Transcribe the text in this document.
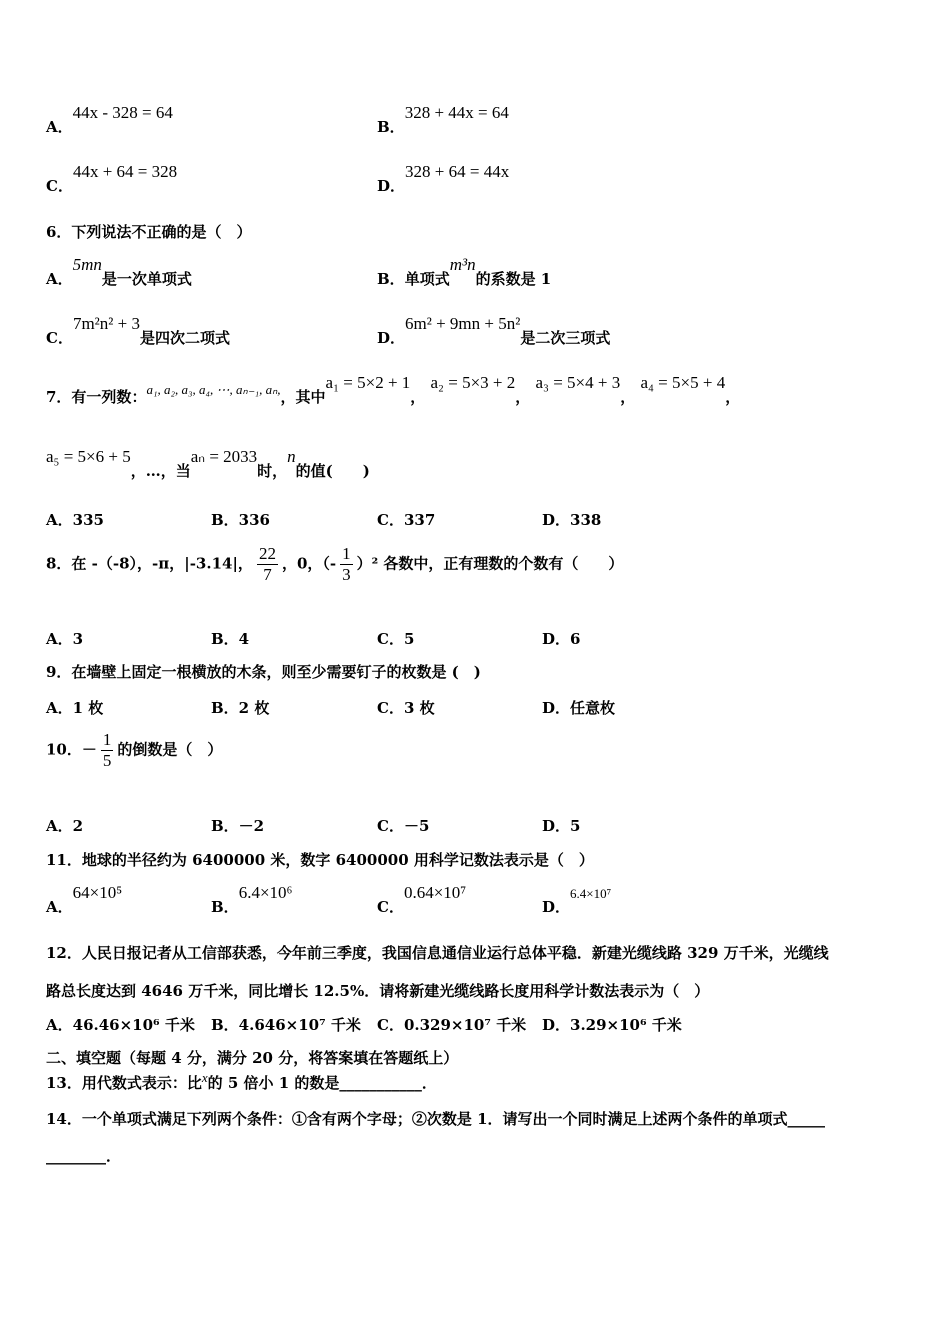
A．44x - 328 = 64
B．328 + 44x = 64
C．44x + 64 = 328
D．328 + 64 = 44x
6．下列说法不正确的是（　）
A．5mn是一次单项式	B．单项式m³n的系数是 1
C．7m²n² + 3是四次二项式	D．6m² + 9mn + 5n²是二次三项式
7．有一列数：a₁, a₂, a₃, a₄, ⋯, aₙ₋₁, aₙ,，其中a₁ = 5×2 + 1， a₂ = 5×3 + 2， a₃ = 5×4 + 3， a₄ = 5×5 + 4，
a₅ = 5×6 + 5，…，当aₙ = 2033时，n的值(　　)
A．335	B．336	C．337	D．338
8．在 -（-8），-π，|-3.14|， $\frac{22}{7}$ ，0，（- $\frac{1}{3} )^2$ 各数中，正有理数的个数有（　　）
A．3	B．4	C．5	D．6
9．在墙壁上固定一根横放的木条，则至少需要钉子的枚数是 (　)
A．1 枚	B．2 枚	C．3 枚	D．任意枚
10．－ $\frac{1}{5}$ 的倒数是（　）
A．2	B．－2	C．－5	D．5
11．地球的半径约为 6400000 米，数字 6400000 用科学记数法表示是（　）
A．64×10⁵
B．6.4×10⁶
C．0.64×10⁷
D．6.4×10⁷
12．人民日报记者从工信部获悉，今年前三季度，我国信息通信业运行总体平稳．新建光缆线路 329 万千米，光缆线
路总长度达到 4646 万千米，同比增长 12.5%．请将新建光缆线路长度用科学计数法表示为（　）
A．46.46×10⁶ 千米 B．4.646×10⁷ 千米 C．0.329×10⁷ 千米 D．3.29×10⁶ 千米
二、填空题（每题 4 分，满分 20 分，将答案填在答题纸上）
13．用代数式表示：比x的 5 倍小 1 的数是___________．
14．一个单项式满足下列两个条件：①含有两个字母；②次数是 1．请写出一个同时满足上述两个条件的单项式_____
________．
